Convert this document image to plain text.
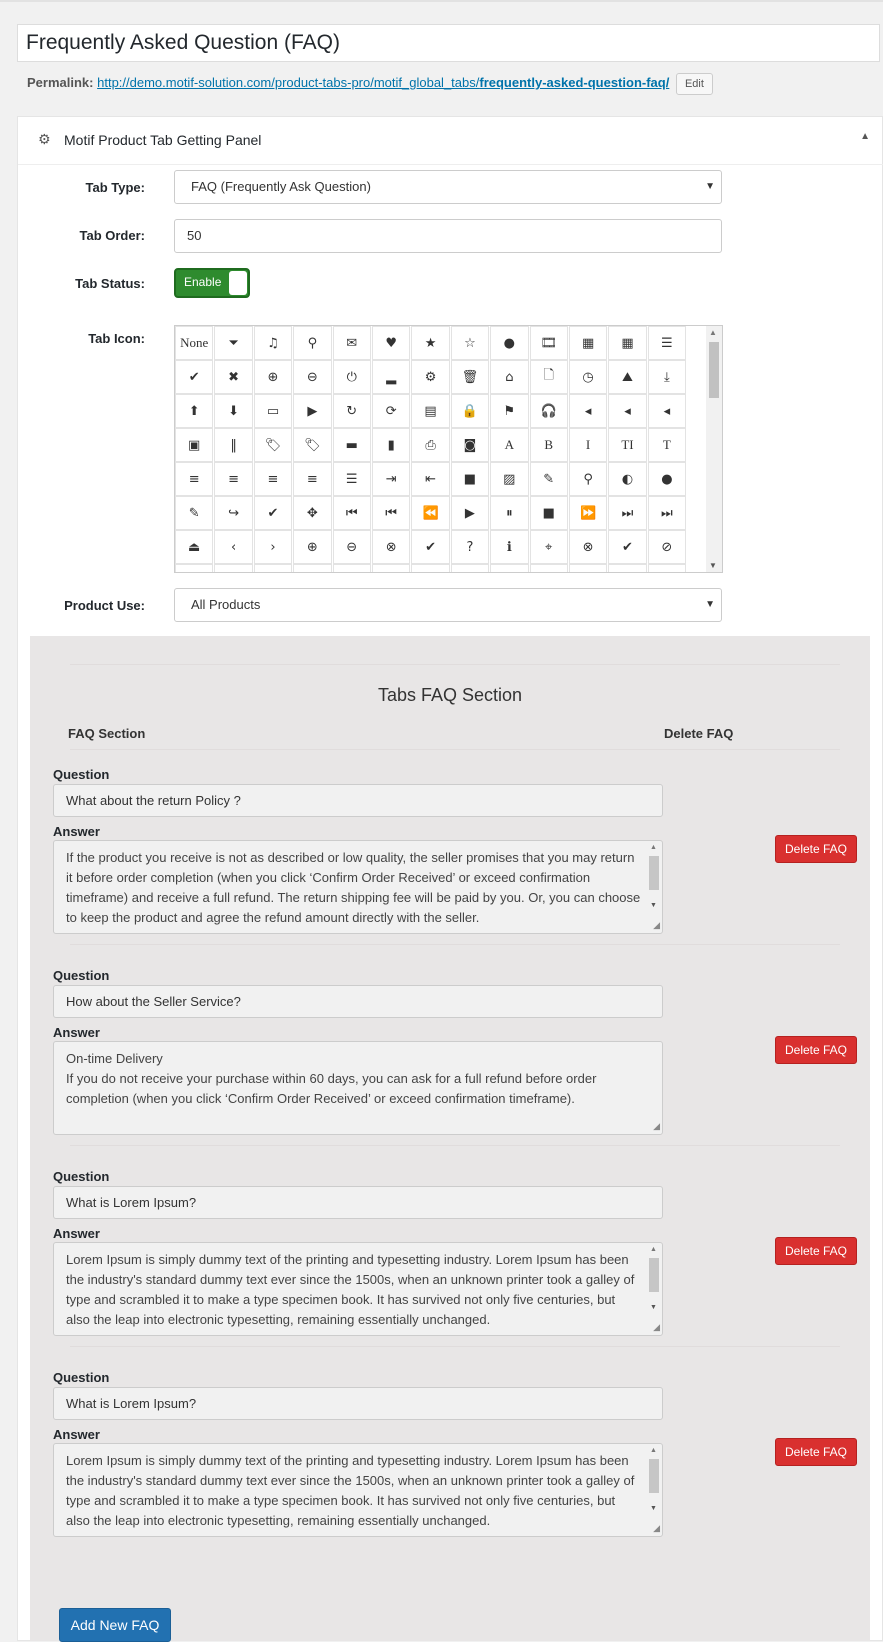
Frequently Asked Question (FAQ)
Permalink: http://demo.motif-solution.com/product-tabs-pro/motif_global_tabs/frequently-asked-question-faq/ Edit
⚙ Motif Product Tab Getting Panel	▲
Tab Type:	FAQ (Frequently Ask Question)	▼
Tab Order:	50
Tab Status:	Enable
Tab Icon:	None	⏷	♫	⚲	✉	♥	★	☆	●	🎞	▦	▦	☰
✔	✖	⊕	⊖	⏻	▂	⚙	🗑	⌂	🗋	◷	⛰	⤓
⬆	⬇	▭	▶	↻	⟳	▤	🔒	⚑	🎧	◂	◂	◂
▣	‖	🏷	🏷	▬	▮	⎙	◙	A	B	I	TI	T
≡	≡	≡	≡	☰	⇥	⇤	■	▨	✎	⚲	◐	●
✎	↪	✔	✥	⏮	⏮	⏪	▶	⏸	■	⏩	⏭	⏭
⏏	‹	›	⊕	⊖	⊗	✔	?	ℹ	⌖	⊗	✔	⊘
▲
▼
Product Use:	All Products	▼
Tabs FAQ Section
FAQ Section	Delete FAQ
Question
What about the return Policy ?
Answer
If the product you receive is not as described or low quality, the seller promises that you may return it before order completion (when you click ‘Confirm Order Received’ or exceed confirmation timeframe) and receive a full refund. The return shipping fee will be paid by you. Or, you can choose to keep the product and agree the refund amount directly with the seller.
▲
▼
◢
Delete FAQ
Question
How about the Seller Service?
Answer
On-time Delivery
If you do not receive your purchase within 60 days, you can ask for a full refund before order completion (when you click ‘Confirm Order Received’ or exceed confirmation timeframe).
◢
Delete FAQ
Question
What is Lorem Ipsum?
Answer
Lorem Ipsum is simply dummy text of the printing and typesetting industry. Lorem Ipsum has been the industry's standard dummy text ever since the 1500s, when an unknown printer took a galley of type and scrambled it to make a type specimen book. It has survived not only five centuries, but also the leap into electronic typesetting, remaining essentially unchanged.
▲
▼
◢
Delete FAQ
Question
What is Lorem Ipsum?
Answer
Lorem Ipsum is simply dummy text of the printing and typesetting industry. Lorem Ipsum has been the industry's standard dummy text ever since the 1500s, when an unknown printer took a galley of type and scrambled it to make a type specimen book. It has survived not only five centuries, but also the leap into electronic typesetting, remaining essentially unchanged.
▲
▼
◢
Delete FAQ
Add New FAQ
